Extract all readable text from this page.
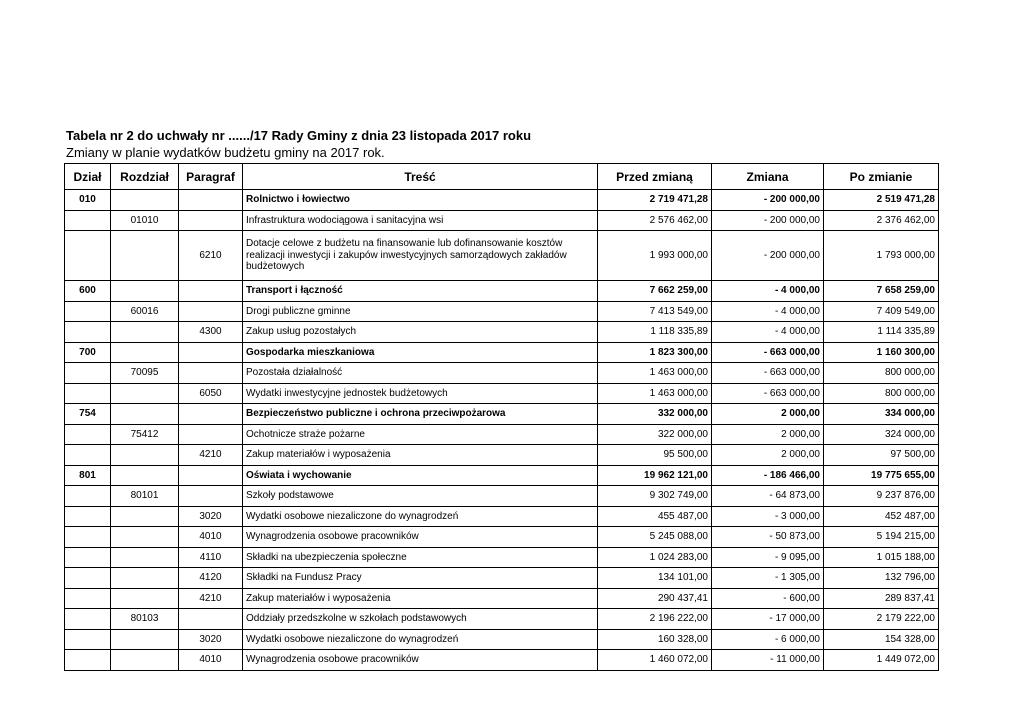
Tabela nr 2 do uchwały nr ....../17 Rady Gminy z dnia 23 listopada 2017 roku
Zmiany w planie wydatków budżetu gminy na 2017 rok.
Dział	Rozdział	Paragraf	Treść	Przed zmianą	Zmiana	Po zmianie
010			Rolnictwo i łowiectwo	2 719 471,28	- 200 000,00	2 519 471,28
	01010		Infrastruktura wodociągowa i sanitacyjna wsi	2 576 462,00	- 200 000,00	2 376 462,00
		6210	Dotacje celowe z budżetu na finansowanie lub dofinansowanie kosztów realizacji inwestycji i zakupów inwestycyjnych samorządowych zakładów budżetowych	1 993 000,00	- 200 000,00	1 793 000,00
600			Transport i łączność	7 662 259,00	- 4 000,00	7 658 259,00
	60016		Drogi publiczne gminne	7 413 549,00	- 4 000,00	7 409 549,00
		4300	Zakup usług pozostałych	1 118 335,89	- 4 000,00	1 114 335,89
700			Gospodarka mieszkaniowa	1 823 300,00	- 663 000,00	1 160 300,00
	70095		Pozostała działalność	1 463 000,00	- 663 000,00	800 000,00
		6050	Wydatki inwestycyjne jednostek budżetowych	1 463 000,00	- 663 000,00	800 000,00
754			Bezpieczeństwo publiczne i ochrona przeciwpożarowa	332 000,00	2 000,00	334 000,00
	75412		Ochotnicze straże pożarne	322 000,00	2 000,00	324 000,00
		4210	Zakup materiałów i wyposażenia	95 500,00	2 000,00	97 500,00
801			Oświata i wychowanie	19 962 121,00	- 186 466,00	19 775 655,00
	80101		Szkoły podstawowe	9 302 749,00	- 64 873,00	9 237 876,00
		3020	Wydatki osobowe niezaliczone do wynagrodzeń	455 487,00	- 3 000,00	452 487,00
		4010	Wynagrodzenia osobowe pracowników	5 245 088,00	- 50 873,00	5 194 215,00
		4110	Składki na ubezpieczenia społeczne	1 024 283,00	- 9 095,00	1 015 188,00
		4120	Składki na Fundusz Pracy	134 101,00	- 1 305,00	132 796,00
		4210	Zakup materiałów i wyposażenia	290 437,41	- 600,00	289 837,41
	80103		Oddziały przedszkolne w szkołach podstawowych	2 196 222,00	- 17 000,00	2 179 222,00
		3020	Wydatki osobowe niezaliczone do wynagrodzeń	160 328,00	- 6 000,00	154 328,00
		4010	Wynagrodzenia osobowe pracowników	1 460 072,00	- 11 000,00	1 449 072,00
